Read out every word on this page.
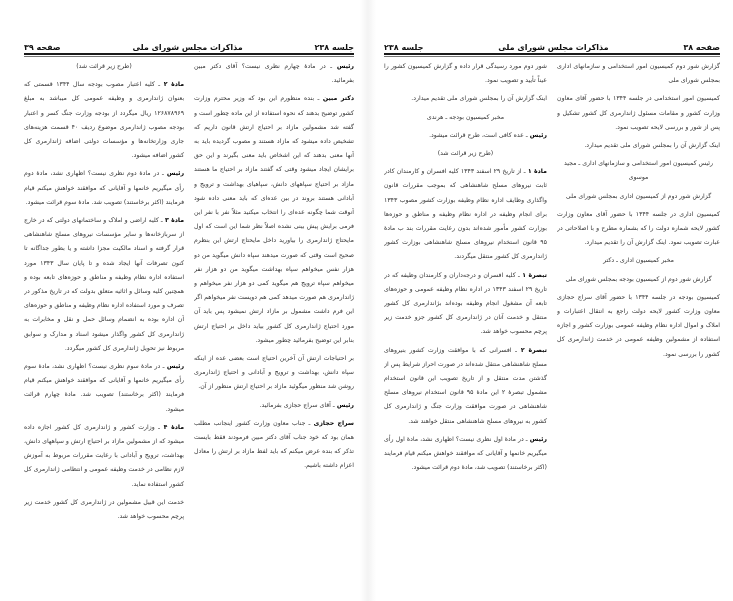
جلسه ۲۳۸
مذاکرات مجلس شورای ملی
صفحه ۳۹

رئیس ـ در مادهٔ چهارم نظری نیست؟ آقای دکتر مبین بفرمائید.

دکتر مبین ـ بنده منظورم این بود که وزیر محترم وزارت کشور توضیح بدهند که نحوه استفاده از این ماده چطور است و گفته شد مشمولین مازاد بر احتیاج ارتش قانون داریم که تشخیص داده میشود که مازاد هستند و مصوب گردیده باید به آنها معنی بدهند که این اشخاص باید معنی بگیرند و این حق برایشان ایجاد میشود وقتی که گفتند مازاد بر احتیاج ما هستند مازاد بر احتیاج سپاههای دانش، سپاهیای بهداشت و ترویج و آبادانی هستند بروند در بین عده‌ای که باید معنی داده شود آنوقت شما چگونه عده‌ای را انتخاب میکنید مثلاً نفر با نفر این فرمی برایش پیش بینی نشده اصلاً نظر شما این است که اول مایحتاج ژاندارمری را بیاورید داخل مایحتاج ارتش این بنظرم صحیح است وقتی که صورت میدهند سپاه دانش میگوید من دو هزار نفس میخواهم سپاه بهداشت میگوید من دو هزار نفر میخواهم سپاه ترویج هم میگوید کمی دو هزار نفر میخواهم و ژاندارمری هم صورت میدهد کمی هم دویست نفر میخواهم اگر این فرم داشت مشمول بر مازاد ارتش نمیشود پس باید آن مورد احتیاج ژاندارمری کل کشور بیاید داخل بر احتیاج ارتش بنابر این توضیح بفرمائید چطور میشود.

بر احتیاجات ارتش آن آخرین احتیاج است بعضی عده از اینکه سپاه دانش، بهداشت و ترویج و آبادانی و احتیاج ژاندارمری روشن شد منظور میگوئید مازاد بر احتیاج ارتش منظور از آن.

رئیس ـ آقای سراج حجازی بفرمائید.

سراج حجازی ـ جناب معاون وزارت کشور اینجانب مطلب همان بود که خود جناب آقای دکتر مبین فرمودند فقط بایست تذکر که بنده عرض میکنم که باید لفظ مازاد بر ارتش را معادل اعزام داشته باشیم.

(طرح زیر قرائت شد)

مادهٔ ۲ ـ کلیه اعتبار مصوب بودجه سال ۱۳۴۴ قسمتی که بعنوان ژاندارمری و وظیفه عمومی کل میباشد به مبلغ ۱۲۶۸۷۸۹۶۹ ریال میگردد از بودجه وزارت جنگ کسر و اعتبار بودجه مصوب ژاندارمری موضوع ردیف ۴۰ قسمت هزینه‌های جاری وزارتخانه‌ها و مؤسسات دولتی اضافه ژاندارمری کل کشور اضافه میشود.

رئیس ـ در مادهٔ دوم نظری نیست؟ اظهاری نشد، مادهٔ دوم رأی میگیریم خانمها و آقایانی که موافقند خواهش میکنم قیام فرمایند (اکثر برخاستند) تصویب شد. مادهٔ سوم قرائت میشود.

مادهٔ ۳ ـ کلیه اراضی و املاک و ساختمانهای دولتی که در خارج از سربازخانه‌ها و سایر مؤسسات نیروهای مسلح شاهنشاهی قرار گرفته و اسناد مالکیت مجزا داشته و یا بطور جداگانه تا کنون تصرفات آنها ایجاد شده و تا پایان سال ۱۳۴۳ مورد استفاده اداره نظام وظیفه و مناطق و حوزه‌های تابعه بوده و همچنین کلیه وسائل و اثاثیه متعلق بدولت که در تاریخ مذکور در تصرف و مورد استفاده اداره نظام وظیفه و مناطق و حوزه‌های آن اداره بوده به انضمام وسائل حمل و نقل و مخابرات به ژاندارمری کل کشور واگذار میشود اسناد و مدارک و سوابق مربوط نیز تحویل ژاندارمری کل کشور میگردد.

رئیس ـ در مادهٔ سوم نظری نیست؟ اظهاری نشد، مادهٔ سوم رأی میگیریم خانمها و آقایانی که موافقند خواهش میکنم قیام فرمایند (اکثر برخاستند) تصویب شد. مادهٔ چهارم قرائت میشود.

مادهٔ ۴ ـ وزارت کشور و ژاندارمری کل کشور اجازه داده میشود که از مشمولین مازاد بر احتیاج ارتش و سپاههای دانش، بهداشت، ترویج و آبادانی با رعایت مقررات مربوط به آموزش لازم نظامی در خدمت وظیفه عمومی و انتظامی ژاندارمری کل کشور استفاده نماید.

خدمت این قبیل مشمولین در ژاندارمری کل کشور خدمت زیر پرچم محسوب خواهد شد.

صفحه ۳۸
مذاکرات مجلس شورای ملی
جلسه ۲۳۸

گزارش شور دوم کمیسیون امور استخدامی و سازمانهای اداری بمجلس شورای ملی

کمیسیون امور استخدامی در جلسه ۱۳۴۴ با حضور آقای معاون وزارت کشور و مقامات مسئول ژاندارمری کل کشور تشکیل و پس از شور و بررسی لایحه تصویب نمود.

اینک گزارش آن را بمجلس شورای ملی تقدیم میدارد.

رئیس کمیسیون امور استخدامی و سازمانهای اداری ـ مجید موسوی

گزارش شور دوم از کمیسیون اداری بمجلس شورای ملی

کمیسیون اداری در جلسه ۱۳۴۴ با حضور آقای معاون وزارت کشور لایحه شماره دولت را که بشماره مطرح و با اصلاحاتی در عبارت تصویب نمود. اینک گزارش آن را تقدیم میدارد.

مخبر کمیسیون اداری ـ دکتر

گزارش شور دوم از کمیسیون بودجه بمجلس شورای ملی

کمیسیون بودجه در جلسه ۱۳۴۴ با حضور آقای سراج حجازی معاون وزارت کشور لایحه دولت راجع به انتقال اعتبارات و املاک و اموال اداره نظام وظیفه عمومی بوزارت کشور و اجازه استفاده از مشمولین وظیفه عمومی در خدمت ژاندارمری کل کشور را بررسی نمود.

شور دوم مورد رسیدگی قرار داده و گزارش کمیسیون کشور را عیناً تأیید و تصویب نمود.

اینک گزارش آن را بمجلس شورای ملی تقدیم میدارد.

مخبر کمیسیون بودجه ـ هرندی

رئیس ـ عده کافی است، طرح قرائت میشود.

(طرح زیر قرائت شد)

مادهٔ ۱ ـ از تاریخ ۲۹ اسفند ۱۳۴۳ کلیه افسران و کارمندان کادر ثابت نیروهای مسلح شاهنشاهی که بموجب مقررات قانون واگذاری وظایف اداره نظام وظیفه بوزارت کشور مصوب ۱۳۴۳ برای انجام وظیفه در اداره نظام وظیفه و مناطق و حوزه‌ها بوزارت کشور مأمور شده‌اند بدون رعایت مقررات بند ب مادهٔ ۹۵ قانون استخدام نیروهای مسلح شاهنشاهی بوزارت کشور ژاندارمری کل کشور منتقل میگردند.

تبصرهٔ ۱ ـ کلیه افسران و درجه‌داران و کارمندان وظیفه که در تاریخ ۲۹ اسفند ۱۳۴۳ در اداره نظام وظیفه عمومی و حوزه‌های تابعه آن مشغول انجام وظیفه بوده‌اند بژاندارمری کل کشور منتقل و خدمت آنان در ژاندارمری کل کشور جزو خدمت زیر پرچم محسوب خواهد شد.

تبصرهٔ ۲ ـ افسرانی که با موافقت وزارت کشور بنیروهای مسلح شاهنشاهی منتقل شده‌اند در صورت احراز شرایط پس از گذشتن مدت منتقل و از تاریخ تصویب این قانون استخدام مشمول تبصرهٔ ۲ این مادهٔ ۹۵ قانون استخدام نیروهای مسلح شاهنشاهی در صورت موافقت وزارت جنگ و ژاندارمری کل کشور به نیروهای مسلح شاهنشاهی منتقل خواهند شد.

رئیس ـ در مادهٔ اول نظری نیست؟ اظهاری نشد، مادهٔ اول رأی میگیریم خانمها و آقایانی که موافقند خواهش میکنم قیام فرمایند (اکثر برخاستند) تصویب شد، مادهٔ دوم قرائت میشود.
